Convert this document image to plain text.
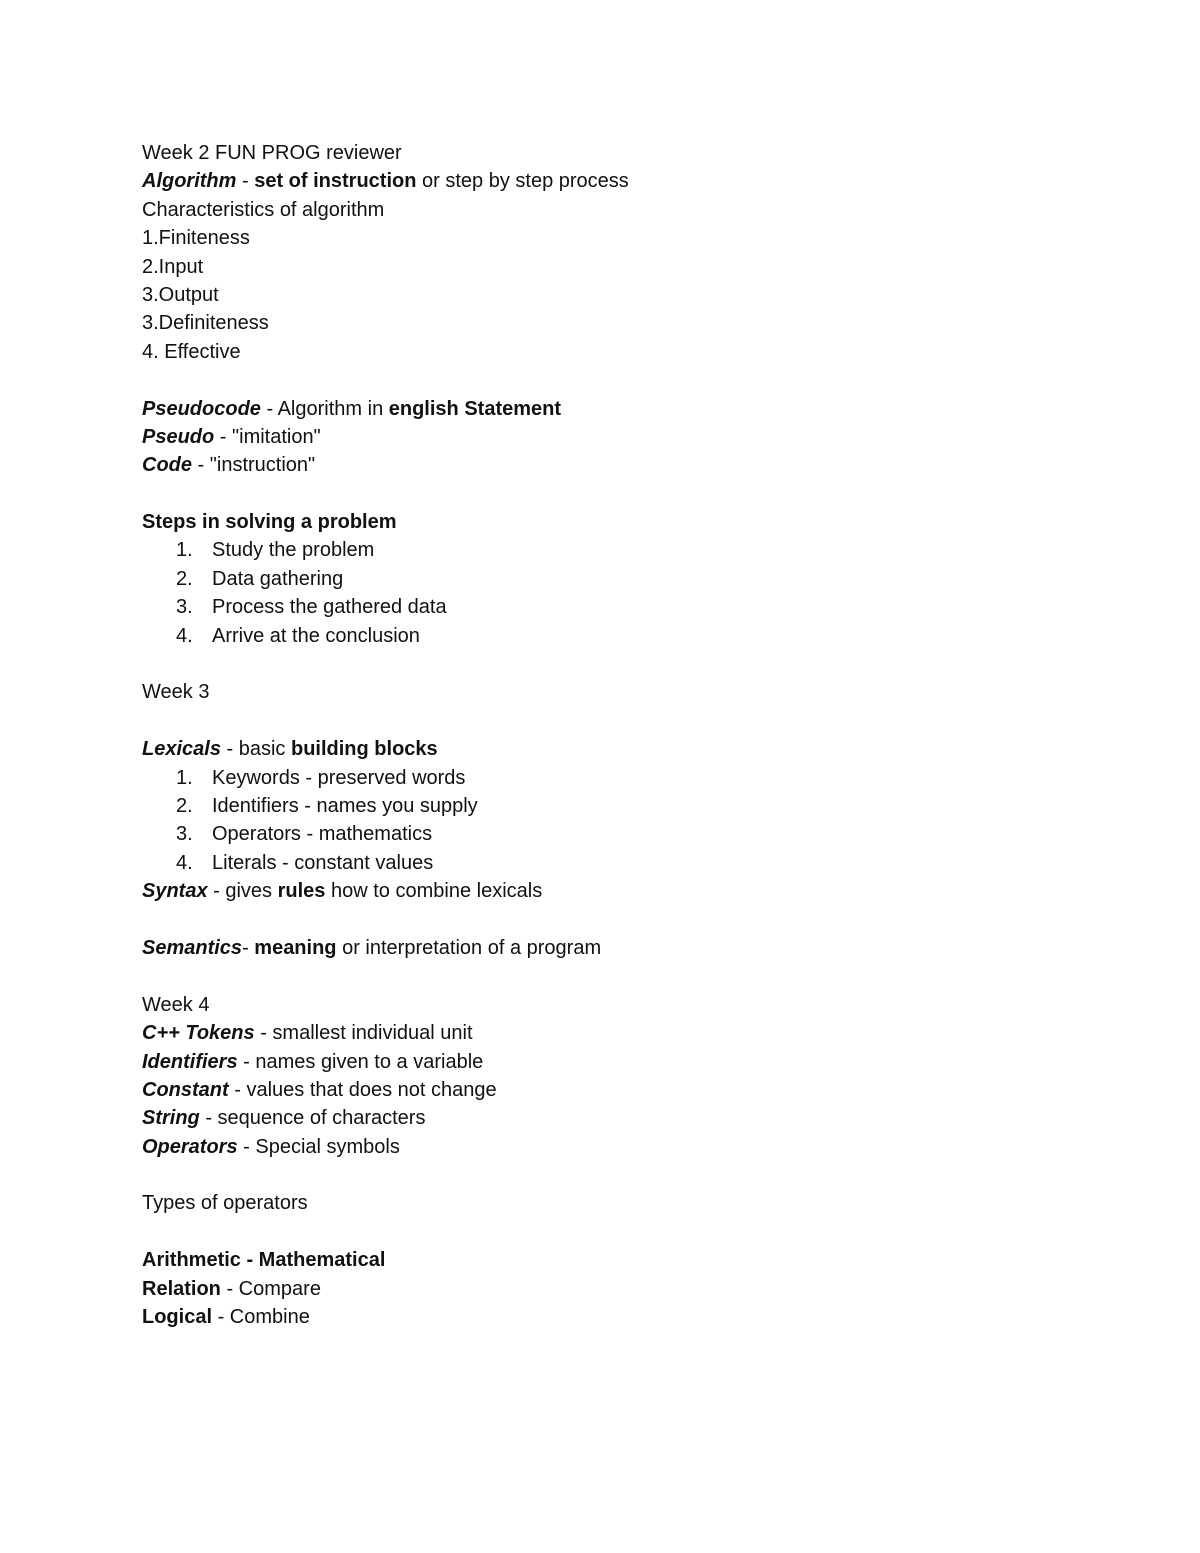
Week 2 FUN PROG reviewer
Algorithm - set of instruction or step by step process
Characteristics of algorithm
1.Finiteness
2.Input
3.Output
3.Definiteness
4. Effective
Pseudocode - Algorithm in english Statement
Pseudo - "imitation"
Code - "instruction"
Steps in solving a problem
1. Study the problem
2. Data gathering
3. Process the gathered data
4. Arrive at the conclusion
Week 3
Lexicals - basic building blocks
1. Keywords - preserved words
2. Identifiers - names you supply
3. Operators - mathematics
4. Literals - constant values
Syntax - gives rules how to combine lexicals
Semantics- meaning or interpretation of a program
Week 4
C++ Tokens - smallest individual unit
Identifiers - names given to a variable
Constant - values that does not change
String - sequence of characters
Operators - Special symbols
Types of operators
Arithmetic - Mathematical
Relation - Compare
Logical - Combine
